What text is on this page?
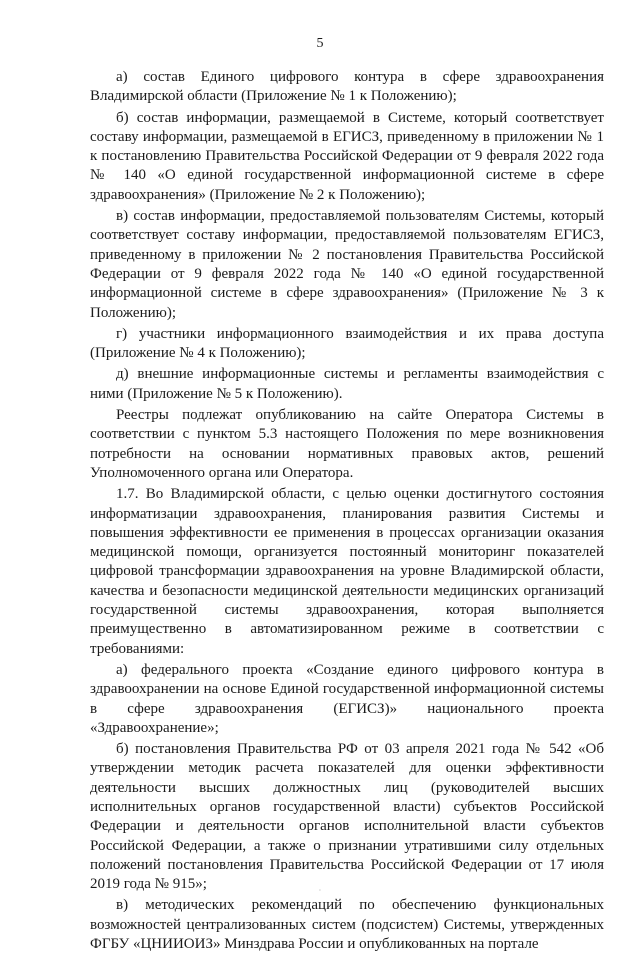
5

а) состав Единого цифрового контура в сфере здравоохранения Владимирской области (Приложение № 1 к Положению);

б) состав информации, размещаемой в Системе, который соответствует составу информации, размещаемой в ЕГИСЗ, приведенному в приложении № 1 к постановлению Правительства Российской Федерации от 9 февраля 2022 года № 140 «О единой государственной информационной системе в сфере здравоохранения» (Приложение № 2 к Положению);

в) состав информации, предоставляемой пользователям Системы, который соответствует составу информации, предоставляемой пользователям ЕГИСЗ, приведенному в приложении № 2 постановления Правительства Российской Федерации от 9 февраля 2022 года № 140 «О единой государственной информационной системе в сфере здравоохранения» (Приложение № 3 к Положению);

г) участники информационного взаимодействия и их права доступа (Приложение № 4 к Положению);

д) внешние информационные системы и регламенты взаимодействия с ними (Приложение № 5 к Положению).

Реестры подлежат опубликованию на сайте Оператора Системы в соответствии с пунктом 5.3 настоящего Положения по мере возникновения потребности на основании нормативных правовых актов, решений Уполномоченного органа или Оператора.

1.7. Во Владимирской области, с целью оценки достигнутого состояния информатизации здравоохранения, планирования развития Системы и повышения эффективности ее применения в процессах организации оказания медицинской помощи, организуется постоянный мониторинг показателей цифровой трансформации здравоохранения на уровне Владимирской области, качества и безопасности медицинской деятельности медицинских организаций государственной системы здравоохранения, которая выполняется преимущественно в автоматизированном режиме в соответствии с требованиями:

а) федерального проекта «Создание единого цифрового контура в здравоохранении на основе Единой государственной информационной системы в сфере здравоохранения (ЕГИСЗ)» национального проекта «Здравоохранение»;

б) постановления Правительства РФ от 03 апреля 2021 года № 542 «Об утверждении методик расчета показателей для оценки эффективности деятельности высших должностных лиц (руководителей высших исполнительных органов государственной власти) субъектов Российской Федерации и деятельности органов исполнительной власти субъектов Российской Федерации, а также о признании утратившими силу отдельных положений постановления Правительства Российской Федерации от 17 июля 2019 года № 915»;

в) методических рекомендаций по обеспечению функциональных возможностей централизованных систем (подсистем) Системы, утвержденных ФГБУ «ЦНИИОИЗ» Минздрава России и опубликованных на портале

·
